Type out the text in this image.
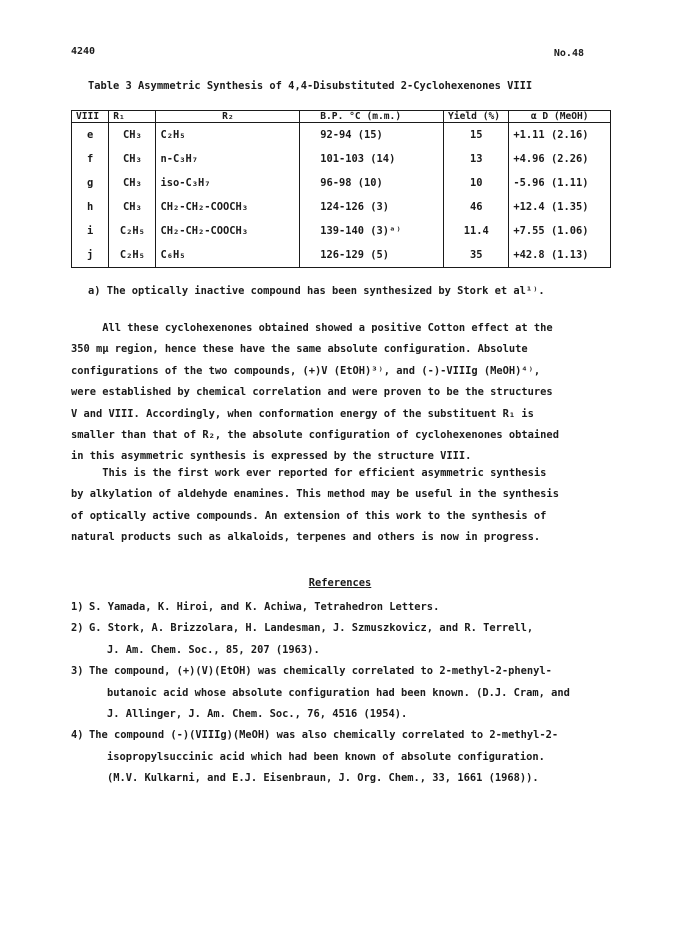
4240	No.48
Table 3 Asymmetric Synthesis of 4,4-Disubstituted 2-Cyclohexenones VIII
VIII	R₁	R₂	B.P. °C (m.m.)	Yield (%)	α D (MeOH)
e	CH₃	C₂H₅	92-94 (15)	15	+1.11 (2.16)
f	CH₃	n-C₃H₇	101-103 (14)	13	+4.96 (2.26)
g	CH₃	iso-C₃H₇	96-98 (10)	10	-5.96 (1.11)
h	CH₃	CH₂-CH₂-COOCH₃	124-126 (3)	46	+12.4 (1.35)
i	C₂H₅	CH₂-CH₂-COOCH₃	139-140 (3)ᵃ⁾	11.4	+7.55 (1.06)
j	C₂H₅	C₆H₅	126-129 (5)	35	+42.8 (1.13)
a) The optically inactive compound has been synthesized by Stork et al¹⁾.
All these cyclohexenones obtained showed a positive Cotton effect at the
350 mμ region, hence these have the same absolute configuration. Absolute
configurations of the two compounds, (+)V (EtOH)³⁾, and (-)-VIIIg (MeOH)⁴⁾,
were established by chemical correlation and were proven to be the structures
V and VIII. Accordingly, when conformation energy of the substituent R₁ is
smaller than that of R₂, the absolute configuration of cyclohexenones obtained
in this asymmetric synthesis is expressed by the structure VIII.
This is the first work ever reported for efficient asymmetric synthesis
by alkylation of aldehyde enamines. This method may be useful in the synthesis
of optically active compounds. An extension of this work to the synthesis of
natural products such as alkaloids, terpenes and others is now in progress.
References
1) S. Yamada, K. Hiroi, and K. Achiwa, Tetrahedron Letters.
2) G. Stork, A. Brizzolara, H. Landesman, J. Szmuszkovicz, and R. Terrell,
J. Am. Chem. Soc., 85, 207 (1963).
3) The compound, (+)(V)(EtOH) was chemically correlated to 2-methyl-2-phenyl-
butanoic acid whose absolute configuration had been known. (D.J. Cram, and
J. Allinger, J. Am. Chem. Soc., 76, 4516 (1954).
4) The compound (-)(VIIIg)(MeOH) was also chemically correlated to 2-methyl-2-
isopropylsuccinic acid which had been known of absolute configuration.
(M.V. Kulkarni, and E.J. Eisenbraun, J. Org. Chem., 33, 1661 (1968)).
